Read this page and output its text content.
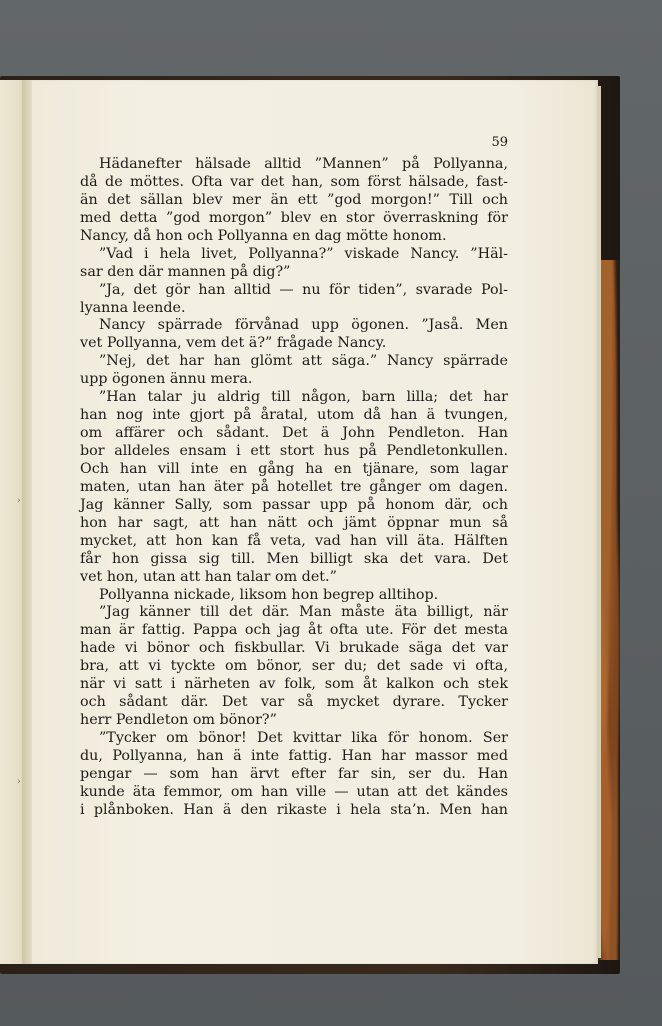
›
›
59
Hädanefter hälsade alltid ”Mannen” på Pollyanna,
då de möttes. Ofta var det han, som först hälsade, fast-
än det sällan blev mer än ett ”god morgon!” Till och
med detta ”god morgon” blev en stor överraskning för
Nancy, då hon och Pollyanna en dag mötte honom.
”Vad i hela livet, Pollyanna?” viskade Nancy. ”Häl-
sar den där mannen på dig?”
”Ja, det gör han alltid — nu för tiden”, svarade Pol-
lyanna leende.
Nancy spärrade förvånad upp ögonen. ”Jaså. Men
vet Pollyanna, vem det ä?” frågade Nancy.
”Nej, det har han glömt att säga.” Nancy spärrade
upp ögonen ännu mera.
”Han talar ju aldrig till någon, barn lilla; det har
han nog inte gjort på åratal, utom då han ä tvungen,
om affärer och sådant. Det ä John Pendleton. Han
bor alldeles ensam i ett stort hus på Pendletonkullen.
Och han vill inte en gång ha en tjänare, som lagar
maten, utan han äter på hotellet tre gånger om dagen.
Jag känner Sally, som passar upp på honom där, och
hon har sagt, att han nätt och jämt öppnar mun så
mycket, att hon kan få veta, vad han vill äta. Hälften
får hon gissa sig till. Men billigt ska det vara. Det
vet hon, utan att han talar om det.”
Pollyanna nickade, liksom hon begrep alltihop.
”Jag känner till det där. Man måste äta billigt, när
man är fattig. Pappa och jag åt ofta ute. För det mesta
hade vi bönor och fiskbullar. Vi brukade säga det var
bra, att vi tyckte om bönor, ser du; det sade vi ofta,
när vi satt i närheten av folk, som åt kalkon och stek
och sådant där. Det var så mycket dyrare. Tycker
herr Pendleton om bönor?”
”Tycker om bönor! Det kvittar lika för honom. Ser
du, Pollyanna, han ä inte fattig. Han har massor med
pengar — som han ärvt efter far sin, ser du. Han
kunde äta femmor, om han ville — utan att det kändes
i plånboken. Han ä den rikaste i hela sta’n. Men han
